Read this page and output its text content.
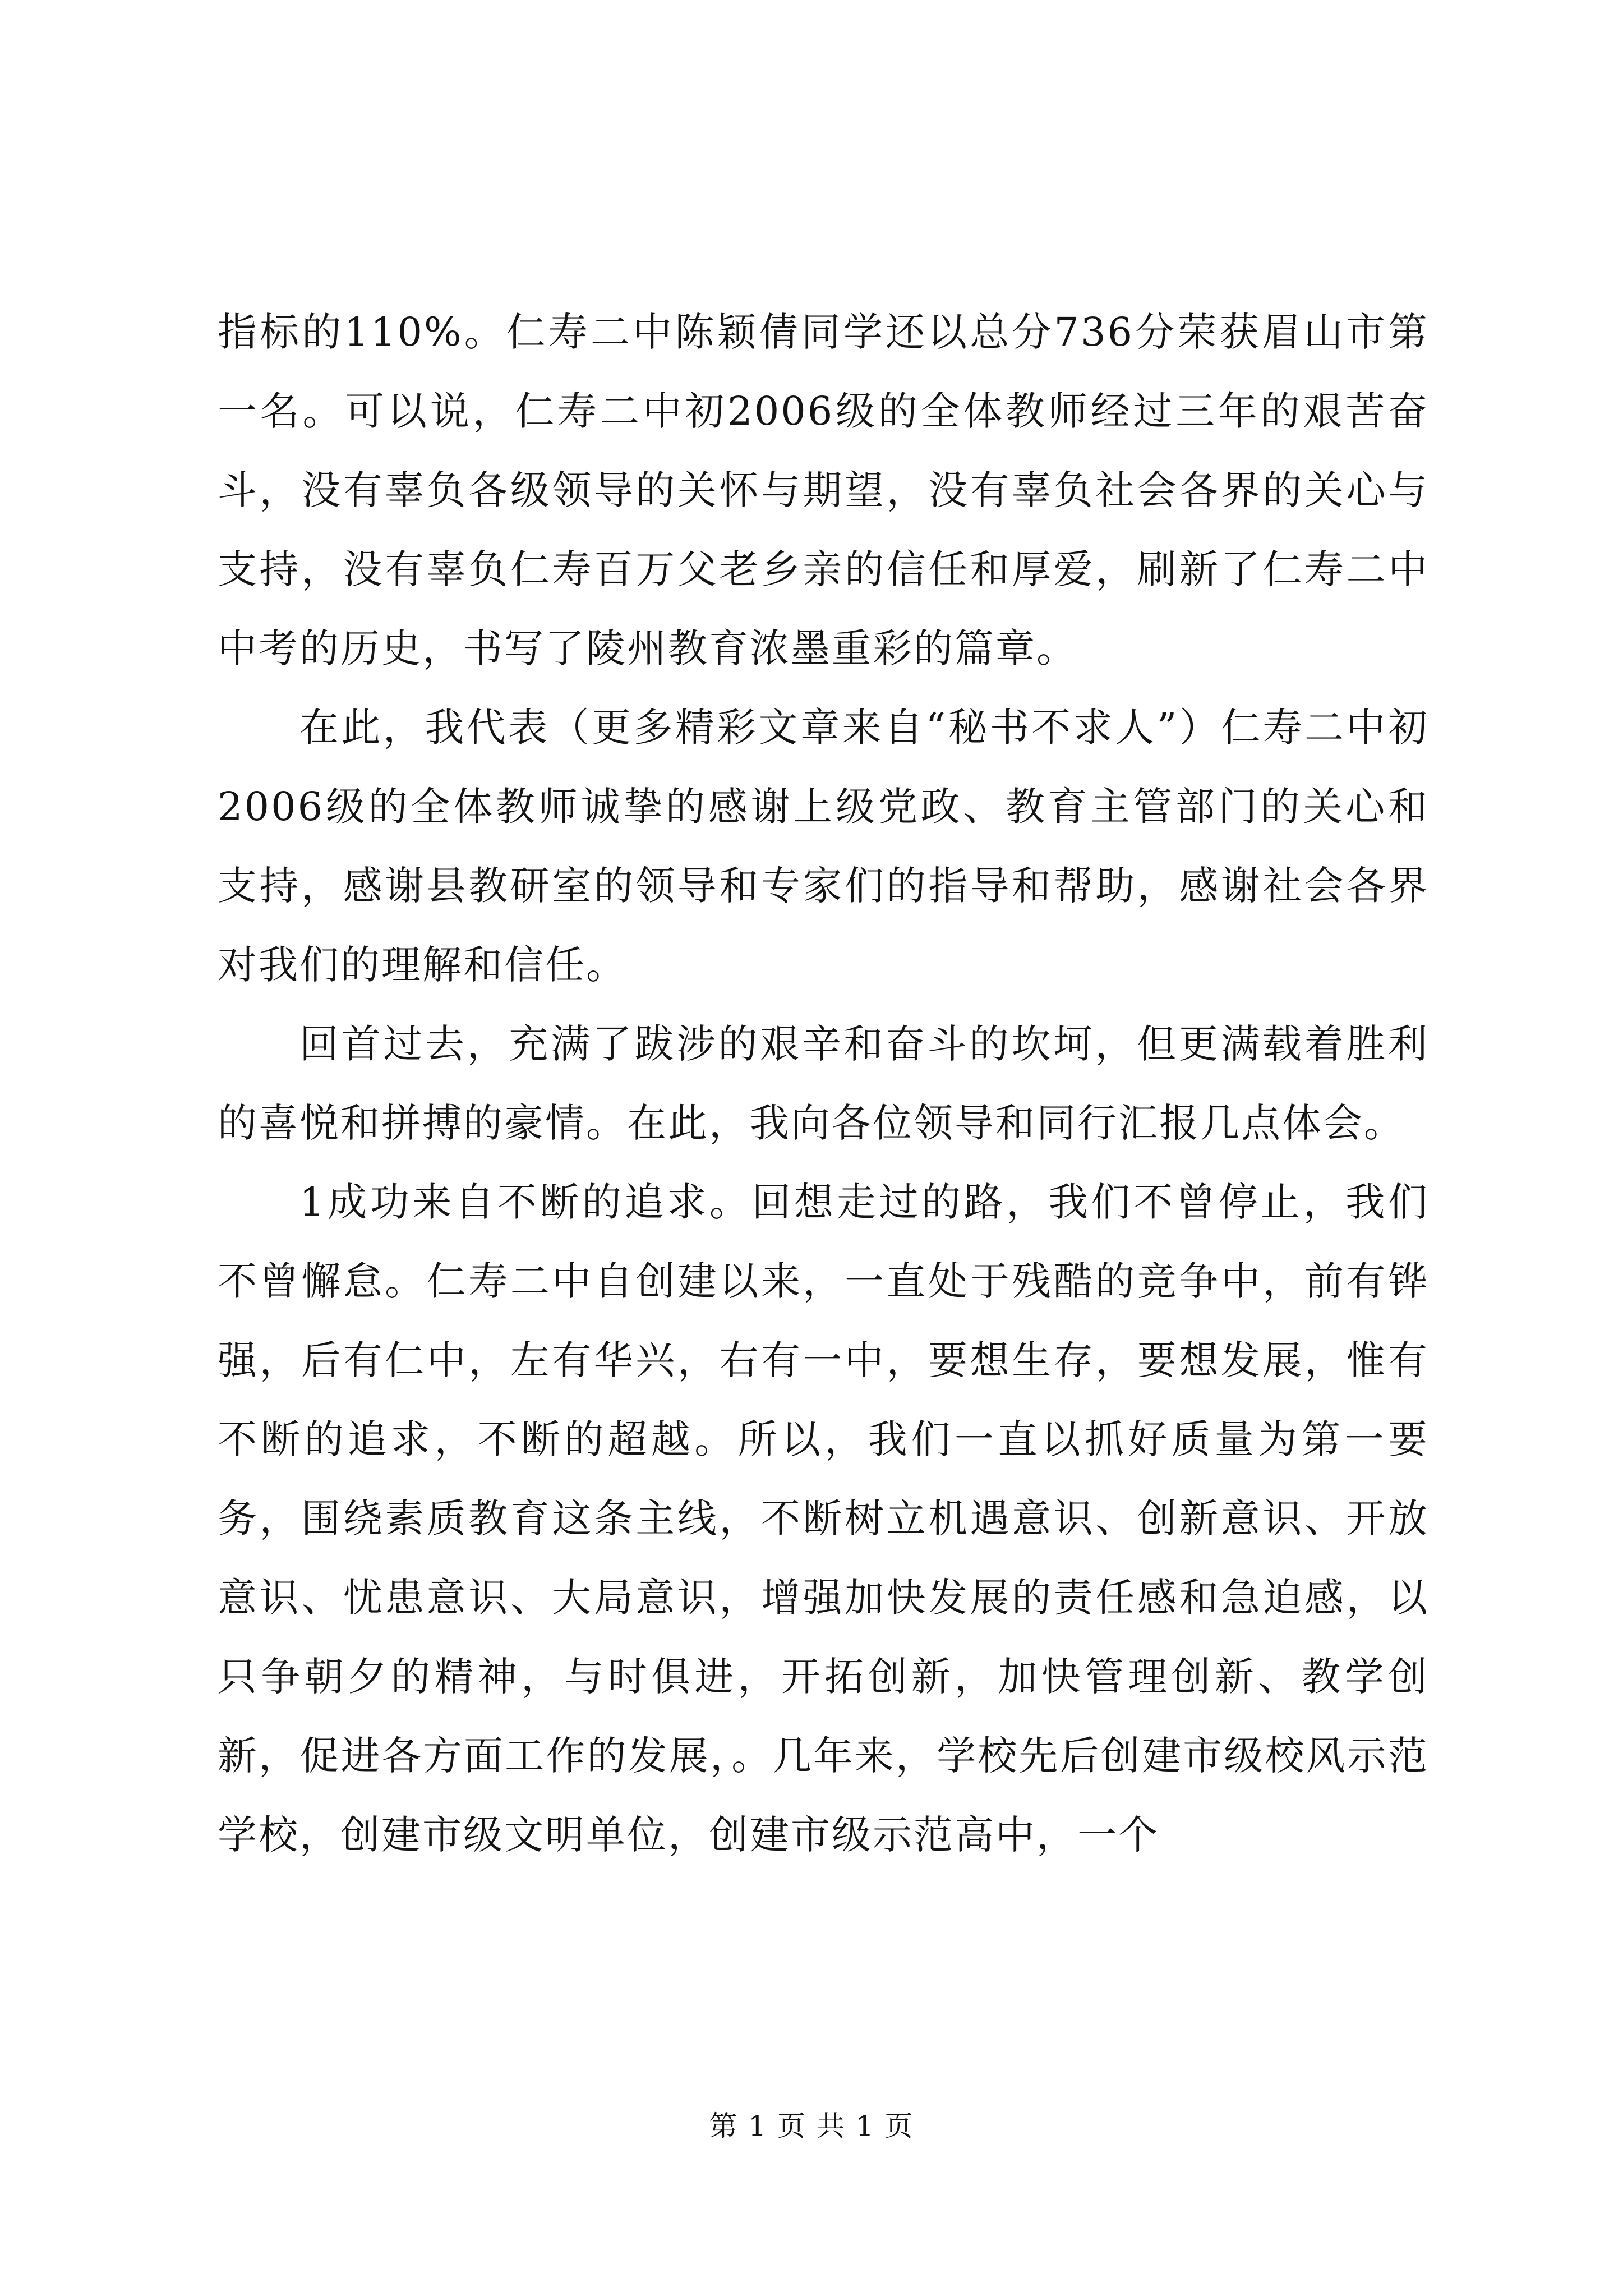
指标的110%。仁寿二中陈颖倩同学还以总分736分荣获眉山市第一名。可以说，仁寿二中初2006级的全体教师经过三年的艰苦奋斗，没有辜负各级领导的关怀与期望，没有辜负社会各界的关心与支持，没有辜负仁寿百万父老乡亲的信任和厚爱，刷新了仁寿二中中考的历史，书写了陵州教育浓墨重彩的篇章。

在此，我代表（更多精彩文章来自“秘书不求人”）仁寿二中初2006级的全体教师诚挚的感谢上级党政、教育主管部门的关心和支持，感谢县教研室的领导和专家们的指导和帮助，感谢社会各界对我们的理解和信任。

回首过去，充满了跋涉的艰辛和奋斗的坎坷，但更满载着胜利的喜悦和拼搏的豪情。在此，我向各位领导和同行汇报几点体会。

1成功来自不断的追求。回想走过的路，我们不曾停止，我们不曾懈怠。仁寿二中自创建以来，一直处于残酷的竞争中，前有铧强，后有仁中，左有华兴，右有一中，要想生存，要想发展，惟有不断的追求，不断的超越。所以，我们一直以抓好质量为第一要务，围绕素质教育这条主线，不断树立机遇意识、创新意识、开放意识、忧患意识、大局意识，增强加快发展的责任感和急迫感，以只争朝夕的精神，与时俱进，开拓创新，加快管理创新、教学创新，促进各方面工作的发展，。几年来，学校先后创建市级校风示范学校，创建市级文明单位，创建市级示范高中，一个

第 1 页 共 1 页
